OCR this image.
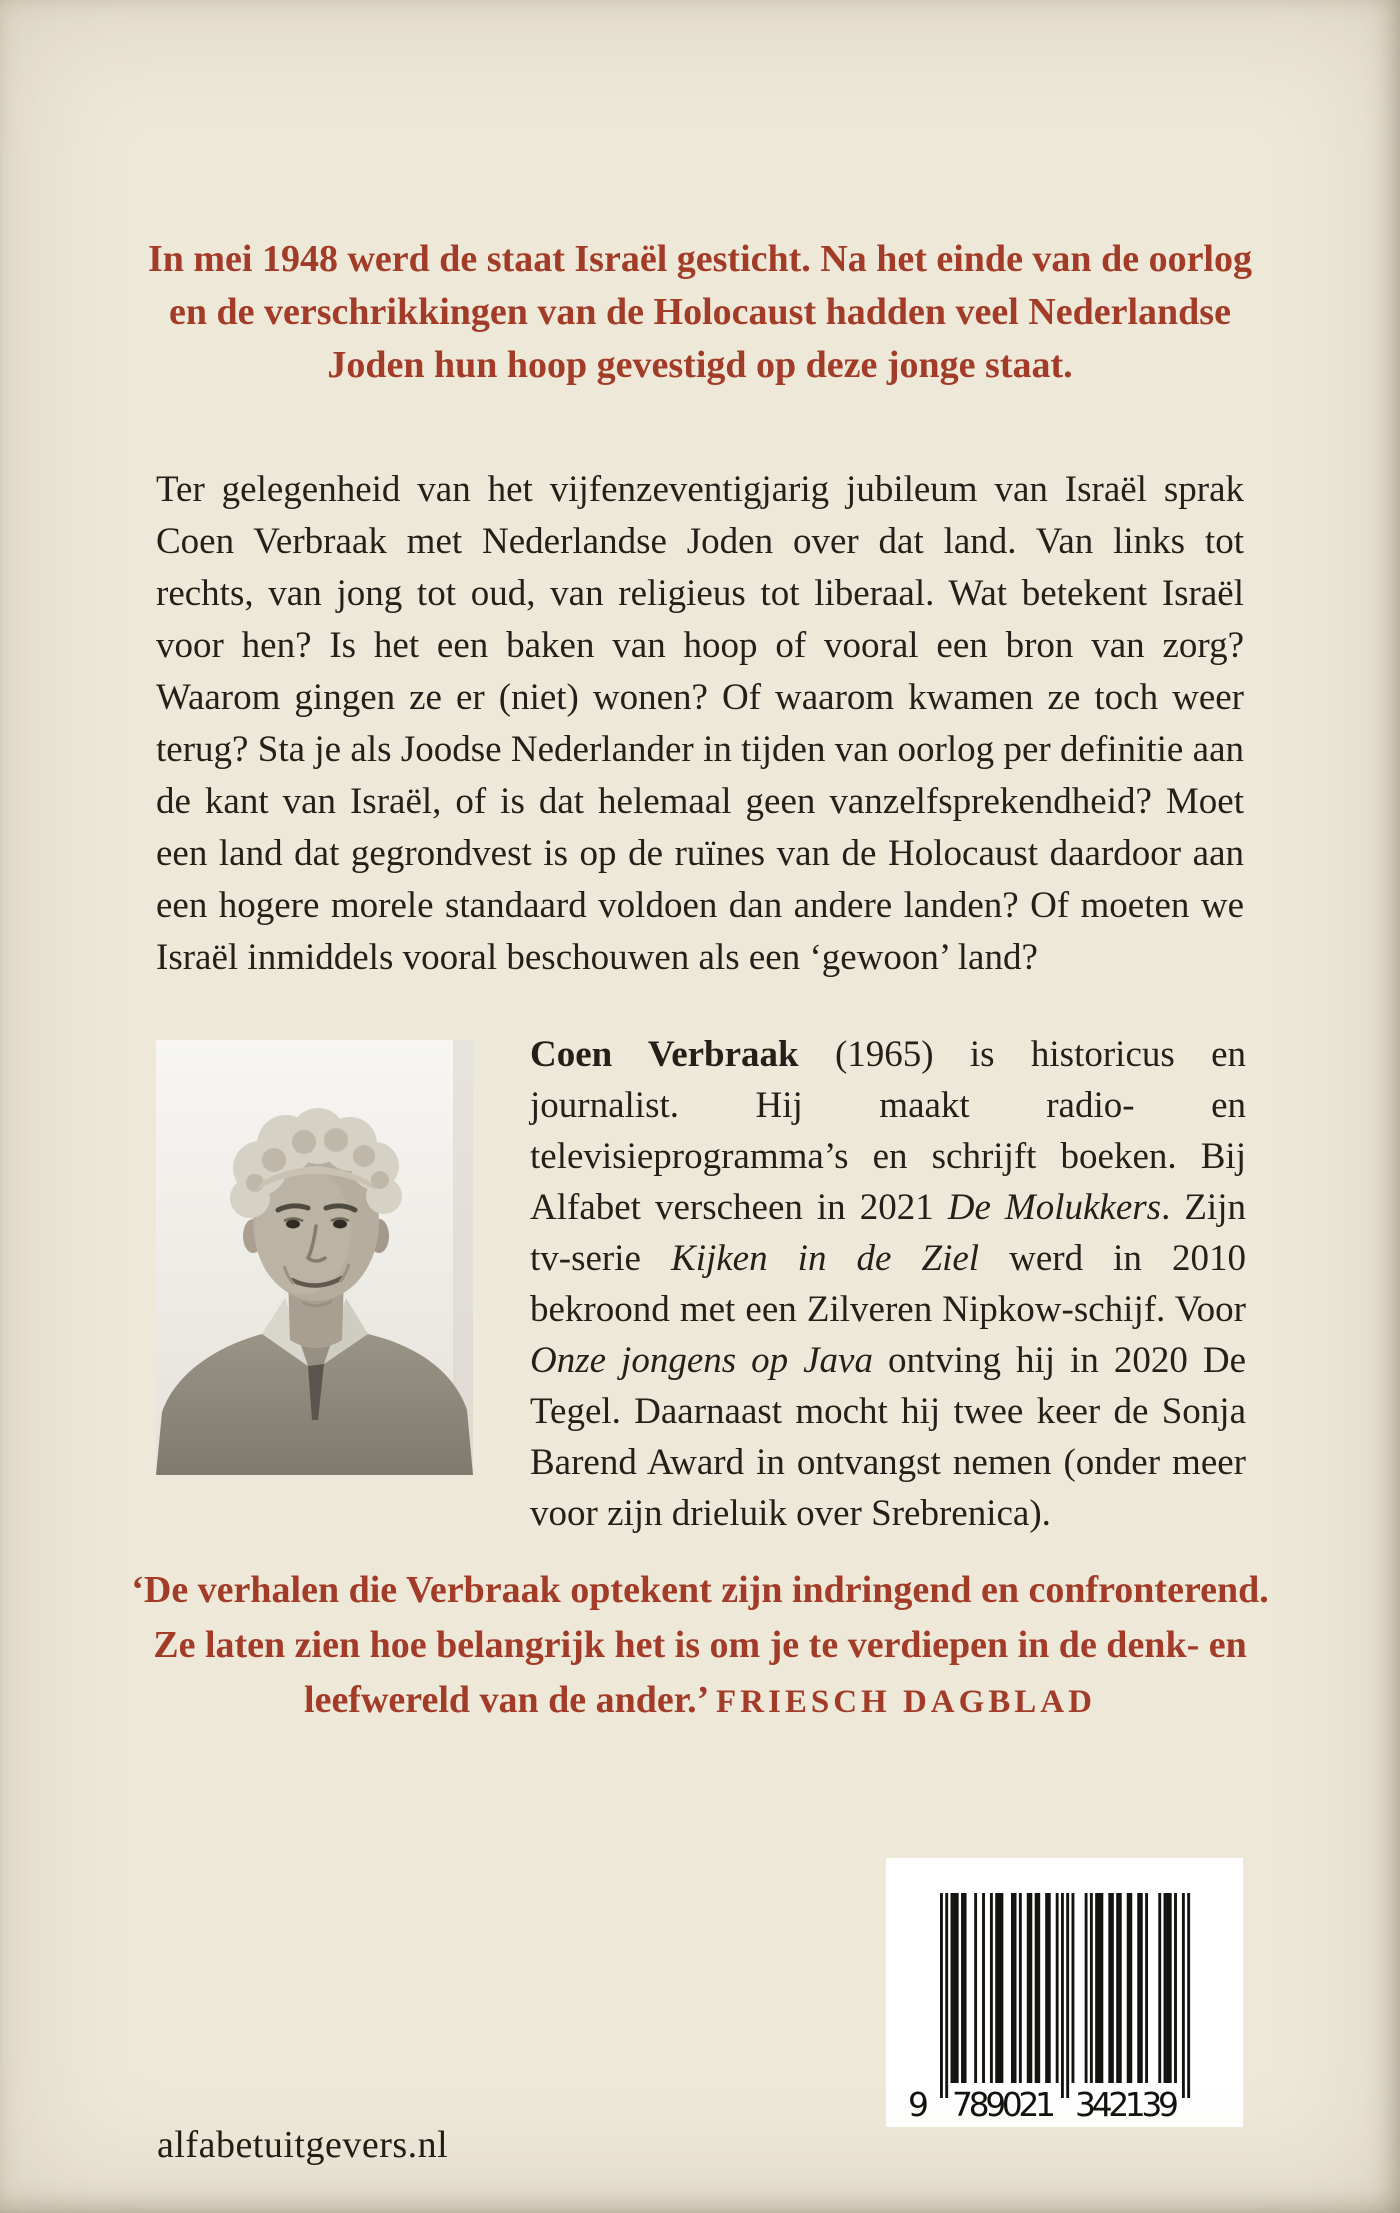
In mei 1948 werd de staat Israël gesticht. Na het einde van de oorlog en de verschrikkingen van de Holocaust hadden veel Nederlandse Joden hun hoop gevestigd op deze jonge staat.

Ter gelegenheid van het vijfenzeventigjarig jubileum van Israël sprak Coen Verbraak met Nederlandse Joden over dat land. Van links tot rechts, van jong tot oud, van religieus tot liberaal. Wat betekent Israël voor hen? Is het een baken van hoop of vooral een bron van zorg? Waarom gingen ze er (niet) wonen? Of waarom kwamen ze toch weer terug? Sta je als Joodse Nederlander in tijden van oorlog per definitie aan de kant van Israël, of is dat helemaal geen vanzelfsprekendheid? Moet een land dat gegrondvest is op de ruïnes van de Holocaust daardoor aan een hogere morele standaard voldoen dan andere landen? Of moeten we Israël inmiddels vooral beschouwen als een ‘gewoon’ land?

Coen Verbraak (1965) is historicus en journalist. Hij maakt radio- en televisieprogramma’s en schrijft boeken. Bij Alfabet verscheen in 2021 De Molukkers. Zijn tv-serie Kijken in de Ziel werd in 2010 bekroond met een Zilveren Nipkow-schijf. Voor Onze jongens op Java ontving hij in 2020 De Tegel. Daarnaast mocht hij twee keer de Sonja Barend Award in ontvangst nemen (onder meer voor zijn drieluik over Srebrenica).

‘De verhalen die Verbraak optekent zijn indringend en confronterend. Ze laten zien hoe belangrijk het is om je te verdiepen in de denk- en leefwereld van de ander.’ FRIESCH DAGBLAD

9 789021 342139

alfabetuitgevers.nl
